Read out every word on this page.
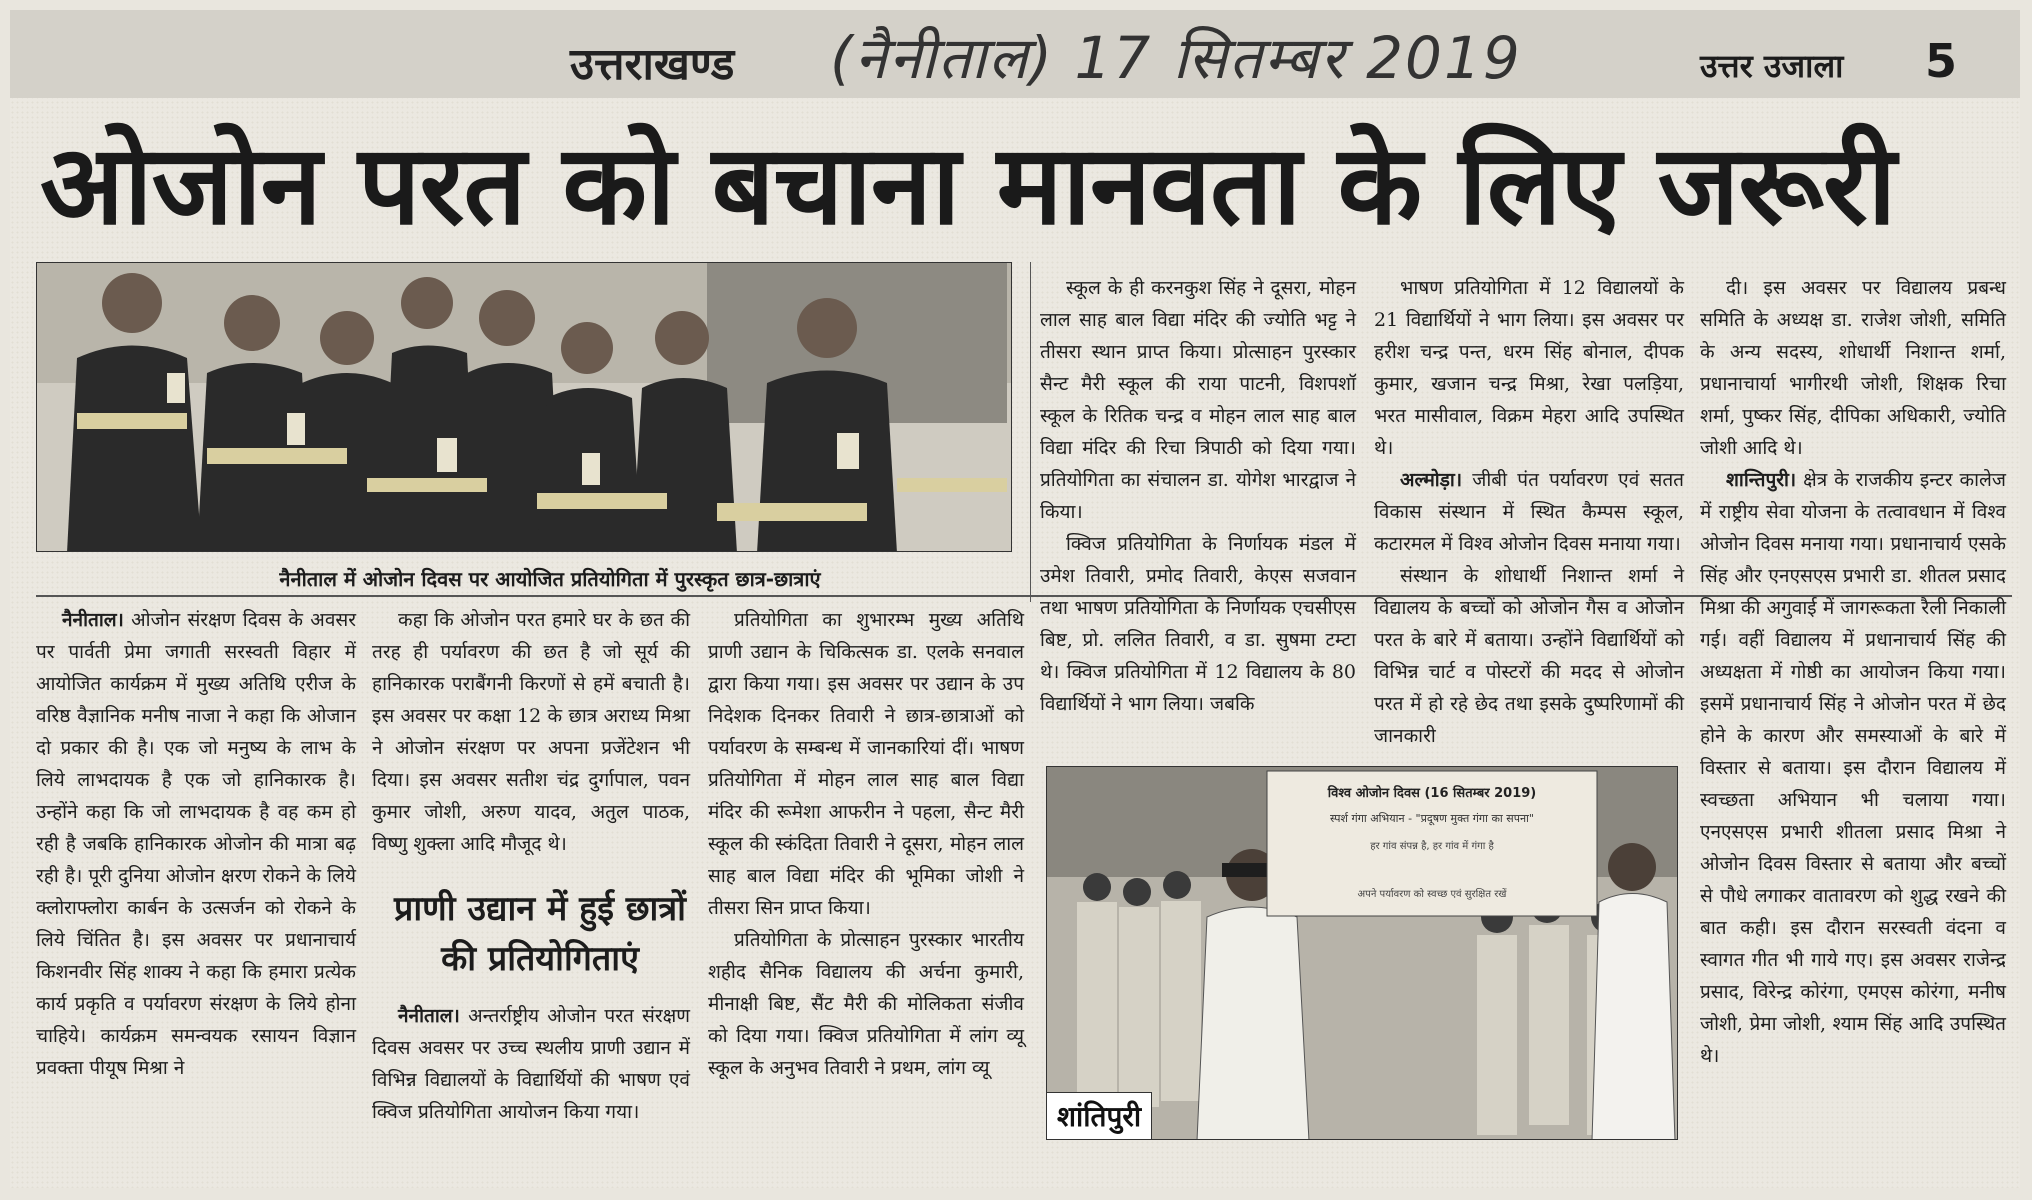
उत्तराखण्ड (नैनीताल) 17 सितम्बर 2019	उत्तर उजाला 5
ओजोन परत को बचाना मानवता के लिए जरूरी
नैनीताल में ओजोन दिवस पर आयोजित प्रतियोगिता में पुरस्कृत छात्र-छात्राएं

नैनीताल। ओजोन संरक्षण दिवस के अवसर पर पार्वती प्रेमा जगाती सरस्वती विहार में आयोजित कार्यक्रम में मुख्य अतिथि एरीज के वरिष्ठ वैज्ञानिक मनीष नाजा ने कहा कि ओजान दो प्रकार की है। एक जो मनुष्य के लाभ के लिये लाभदायक है एक जो हानिकारक है। उन्होंने कहा कि जो लाभदायक है वह कम हो रही है जबकि हानिकारक ओजोन की मात्रा बढ़ रही है। पूरी दुनिया ओजोन क्षरण रोकने के लिये क्लोराफ्लोरा कार्बन के उत्सर्जन को रोकने के लिये चिंतित है। इस अवसर पर प्रधानाचार्य किशनवीर सिंह शाक्य ने कहा कि हमारा प्रत्येक कार्य प्रकृति व पर्यावरण संरक्षण के लिये होना चाहिये। कार्यक्रम समन्वयक रसायन विज्ञान प्रवक्ता पीयूष मिश्रा ने

कहा कि ओजोन परत हमारे घर के छत की तरह ही पर्यावरण की छत है जो सूर्य की हानिकारक पराबैंगनी किरणों से हमें बचाती है। इस अवसर पर कक्षा 12 के छात्र अराध्य मिश्रा ने ओजोन संरक्षण पर अपना प्रजेंटेशन भी दिया। इस अवसर सतीश चंद्र दुर्गापाल, पवन कुमार जोशी, अरुण यादव, अतुल पाठक, विष्णु शुक्ला आदि मौजूद थे।

प्राणी उद्यान में हुई छात्रों की प्रतियोगिताएं

नैनीताल। अन्तर्राष्ट्रीय ओजोन परत संरक्षण दिवस अवसर पर उच्च स्थलीय प्राणी उद्यान में विभिन्न विद्यालयों के विद्यार्थियों की भाषण एवं क्विज प्रतियोगिता आयोजन किया गया।

प्रतियोगिता का शुभारम्भ मुख्य अतिथि प्राणी उद्यान के चिकित्सक डा. एलके सनवाल द्वारा किया गया। इस अवसर पर उद्यान के उप निदेशक दिनकर तिवारी ने छात्र-छात्राओं को पर्यावरण के सम्बन्ध में जानकारियां दीं। भाषण प्रतियोगिता में मोहन लाल साह बाल विद्या मंदिर की रूमेशा आफरीन ने पहला, सैन्ट मैरी स्कूल की स्कंदिता तिवारी ने दूसरा, मोहन लाल साह बाल विद्या मंदिर की भूमिका जोशी ने तीसरा सिन प्राप्त किया।

प्रतियोगिता के प्रोत्साहन पुरस्कार भारतीय शहीद सैनिक विद्यालय की अर्चना कुमारी, मीनाक्षी बिष्ट, सैंट मैरी की मोलिकता संजीव को दिया गया। क्विज प्रतियोगिता में लांग व्यू स्कूल के अनुभव तिवारी ने प्रथम, लांग व्यू

स्कूल के ही करनकुश सिंह ने दूसरा, मोहन लाल साह बाल विद्या मंदिर की ज्योति भट्ट ने तीसरा स्थान प्राप्त किया। प्रोत्साहन पुरस्कार सैन्ट मैरी स्कूल की राया पाटनी, विशपशॉ स्कूल के रितिक चन्द्र व मोहन लाल साह बाल विद्या मंदिर की रिचा त्रिपाठी को दिया गया। प्रतियोगिता का संचालन डा. योगेश भारद्वाज ने किया।

क्विज प्रतियोगिता के निर्णायक मंडल में उमेश तिवारी, प्रमोद तिवारी, केएस सजवान तथा भाषण प्रतियोगिता के निर्णायक एचसीएस बिष्ट, प्रो. ललित तिवारी, व डा. सुषमा टम्टा थे। क्विज प्रतियोगिता में 12 विद्यालय के 80 विद्यार्थियों ने भाग लिया। जबकि

भाषण प्रतियोगिता में 12 विद्यालयों के 21 विद्यार्थियों ने भाग लिया। इस अवसर पर हरीश चन्द्र पन्त, धरम सिंह बोनाल, दीपक कुमार, खजान चन्द्र मिश्रा, रेखा पलड़िया, भरत मासीवाल, विक्रम मेहरा आदि उपस्थित थे।

अल्मोड़ा। जीबी पंत पर्यावरण एवं सतत विकास संस्थान में स्थित कैम्पस स्कूल, कटारमल में विश्व ओजोन दिवस मनाया गया।

संस्थान के शोधार्थी निशान्त शर्मा ने विद्यालय के बच्चों को ओजोन गैस व ओजोन परत के बारे में बताया। उन्होंने विद्यार्थियों को विभिन्न चार्ट व पोस्टरों की मदद से ओजोन परत में हो रहे छेद तथा इसके दुष्परिणामों की जानकारी

विश्व ओजोन दिवस (16 सितम्बर 2019)
स्पर्श गंगा अभियान - "प्रदूषण मुक्त गंगा का सपना"
हर गांव संपन्न है, हर गांव में गंगा है
अपने पर्यावरण को स्वच्छ एवं सुरक्षित रखें
शांतिपुरी

दी। इस अवसर पर विद्यालय प्रबन्ध समिति के अध्यक्ष डा. राजेश जोशी, समिति के अन्य सदस्य, शोधार्थी निशान्त शर्मा, प्रधानाचार्या भागीरथी जोशी, शिक्षक रिचा शर्मा, पुष्कर सिंह, दीपिका अधिकारी, ज्योति जोशी आदि थे।

शान्तिपुरी। क्षेत्र के राजकीय इन्टर कालेज में राष्ट्रीय सेवा योजना के तत्वावधान में विश्व ओजोन दिवस मनाया गया। प्रधानाचार्य एसके सिंह और एनएसएस प्रभारी डा. शीतल प्रसाद मिश्रा की अगुवाई में जागरूकता रैली निकाली गई। वहीं विद्यालय में प्रधानाचार्य सिंह की अध्यक्षता में गोष्ठी का आयोजन किया गया। इसमें प्रधानाचार्य सिंह ने ओजोन परत में छेद होने के कारण और समस्याओं के बारे में विस्तार से बताया। इस दौरान विद्यालय में स्वच्छता अभियान भी चलाया गया। एनएसएस प्रभारी शीतला प्रसाद मिश्रा ने ओजोन दिवस विस्तार से बताया और बच्चों से पौधे लगाकर वातावरण को शुद्ध रखने की बात कही। इस दौरान सरस्वती वंदना व स्वागत गीत भी गाये गए। इस अवसर राजेन्द्र प्रसाद, विरेन्द्र कोरंगा, एमएस कोरंगा, मनीष जोशी, प्रेमा जोशी, श्याम सिंह आदि उपस्थित थे।
